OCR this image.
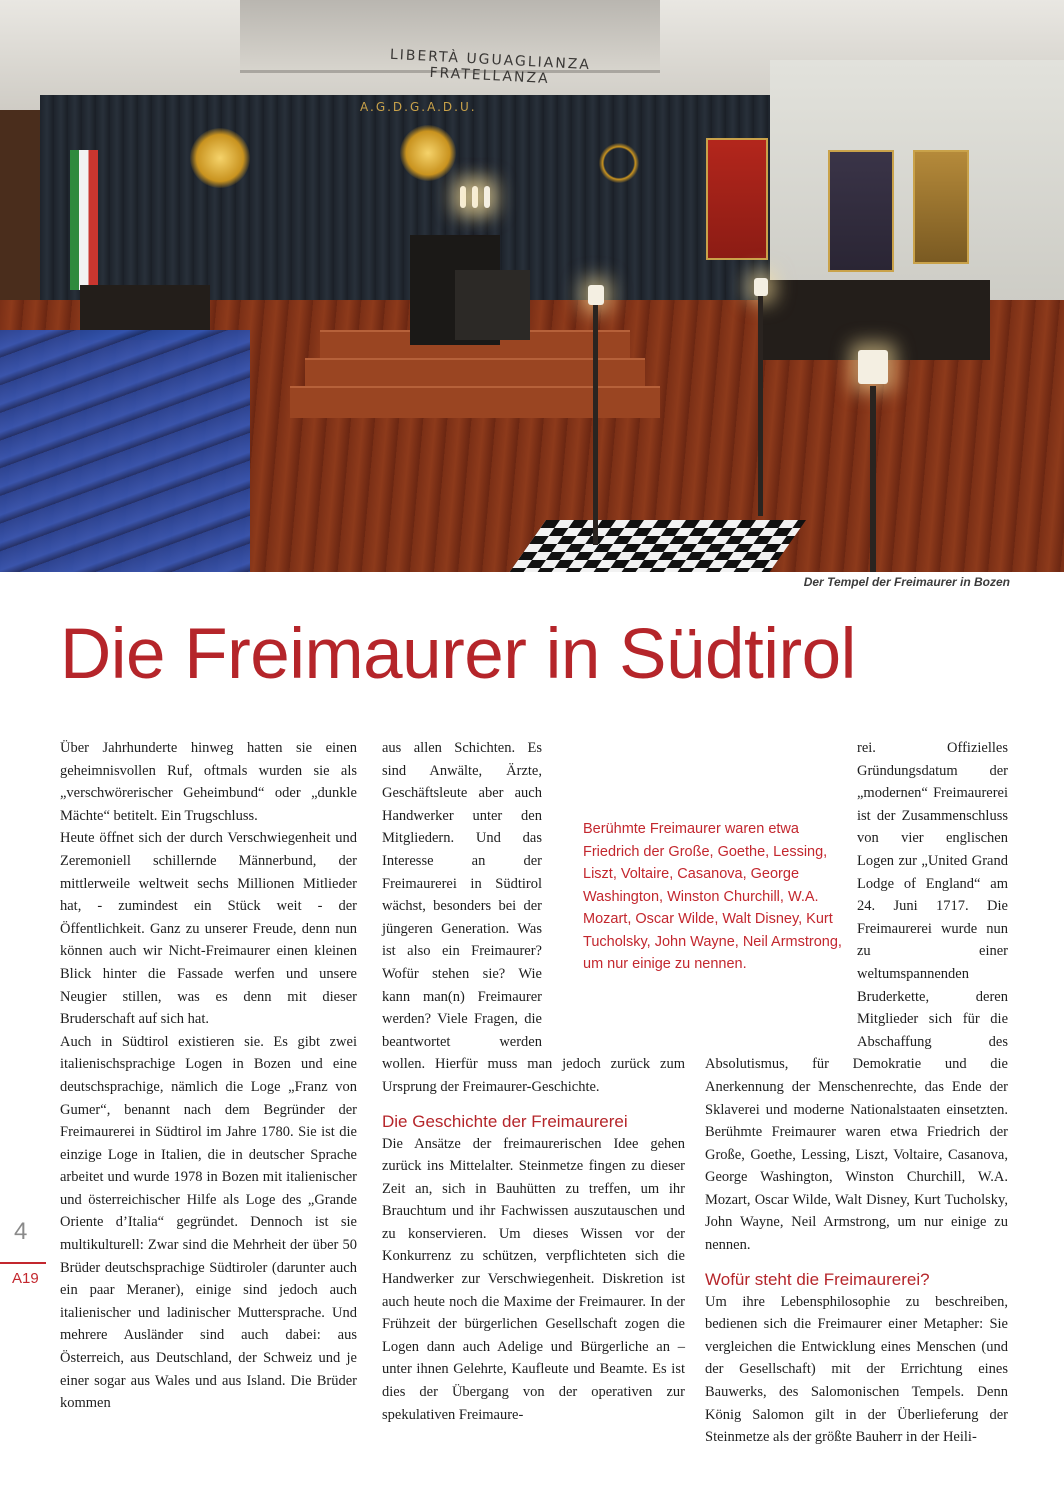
LIBERTÀ UGUAGLIANZA FRATELLANZA
A.G.D.G.A.D.U.
Der Tempel der Freimaurer in Bozen
Die Freimaurer in Südtirol

Über Jahrhunderte hinweg hatten sie einen geheimnisvollen Ruf, oftmals wurden sie als „verschwörerischer Geheimbund“ oder „dunkle Mächte“ betitelt. Ein Trugschluss.

Heute öffnet sich der durch Verschwiegenheit und Zeremoniell schillernde Männerbund, der mittlerweile weltweit sechs Millionen Mitlieder hat, - zumindest ein Stück weit - der Öffentlichkeit. Ganz zu unserer Freude, denn nun können auch wir Nicht-Freimaurer einen kleinen Blick hinter die Fassade werfen und unsere Neugier stillen, was es denn mit dieser Bruderschaft auf sich hat.

Auch in Südtirol existieren sie. Es gibt zwei italienischsprachige Logen in Bozen und eine deutschsprachige, nämlich die Loge „Franz von Gumer“, benannt nach dem Begründer der Freimaurerei in Südtirol im Jahre 1780. Sie ist die einzige Loge in Italien, die in deutscher Sprache arbeitet und wurde 1978 in Bozen mit italienischer und österreichischer Hilfe als Loge des „Grande Oriente d’Italia“ gegründet. Dennoch ist sie multikulturell: Zwar sind die Mehrheit der über 50 Brüder deutschsprachige Südtiroler (darunter auch ein paar Meraner), einige sind jedoch auch italienischer und ladinischer Muttersprache. Und mehrere Ausländer sind auch dabei: aus Österreich, aus Deutschland, der Schweiz und je einer sogar aus Wales und aus Island. Die Brüder kommen

aus allen Schichten. Es sind Anwälte, Ärzte, Geschäftsleute aber auch Handwerker unter den Mitgliedern. Und das Interesse an der Freimaurerei in Südtirol wächst, besonders bei der jüngeren Generation. Was ist also ein Freimaurer? Wofür stehen sie? Wie kann man(n) Freimaurer werden? Viele Fragen, die beantwortet werden wollen. Hierfür muss man jedoch zurück zum Ursprung der Freimaurer-Geschichte.

Die Geschichte der Freimaurerei

Die Ansätze der freimaurerischen Idee gehen zurück ins Mittelalter. Steinmetze fingen zu dieser Zeit an, sich in Bauhütten zu treffen, um ihr Brauchtum und ihr Fachwissen auszutauschen und zu konservieren. Um dieses Wissen vor der Konkurrenz zu schützen, verpflichteten sich die Handwerker zur Verschwiegenheit. Diskretion ist auch heute noch die Maxime der Freimaurer. In der Frühzeit der bürgerlichen Gesellschaft zogen die Logen dann auch Adelige und Bürgerliche an – unter ihnen Gelehrte, Kaufleute und Beamte. Es ist dies der Übergang von der operativen zur spekulativen Freimaure-

rei. Offizielles Gründungsdatum der „modernen“ Freimaurerei ist der Zusammenschluss von vier englischen Logen zur „United Grand Lodge of England“ am 24. Juni 1717. Die Freimaurerei wurde nun zu einer weltumspannenden Bruderkette, deren Mitglieder sich für die Abschaffung des Absolutismus, für Demokratie und die Anerkennung der Menschenrechte, das Ende der Sklaverei und moderne Nationalstaaten einsetzten. Berühmte Freimaurer waren etwa Friedrich der Große, Goethe, Lessing, Liszt, Voltaire, Casanova, George Washington, Winston Churchill, W.A. Mozart, Oscar Wilde, Walt Disney, Kurt Tucholsky, John Wayne, Neil Armstrong, um nur einige zu nennen.

Wofür steht die Freimaurerei?

Um ihre Lebensphilosophie zu beschreiben, bedienen sich die Freimaurer einer Metapher: Sie vergleichen die Entwicklung eines Menschen (und der Gesellschaft) mit der Errichtung eines Bauwerks, des Salomonischen Tempels. Denn König Salomon gilt in der Überlieferung der Steinmetze als der größte Bauherr in der Heili-

Berühmte Freimaurer waren etwa Friedrich der Große, Goethe, Lessing, Liszt, Voltaire, Casanova, George Washington, Winston Churchill, W.A. Mozart, Oscar Wilde, Walt Disney, Kurt Tucholsky, John Wayne, Neil Armstrong, um nur einige zu nennen.
4
A19
